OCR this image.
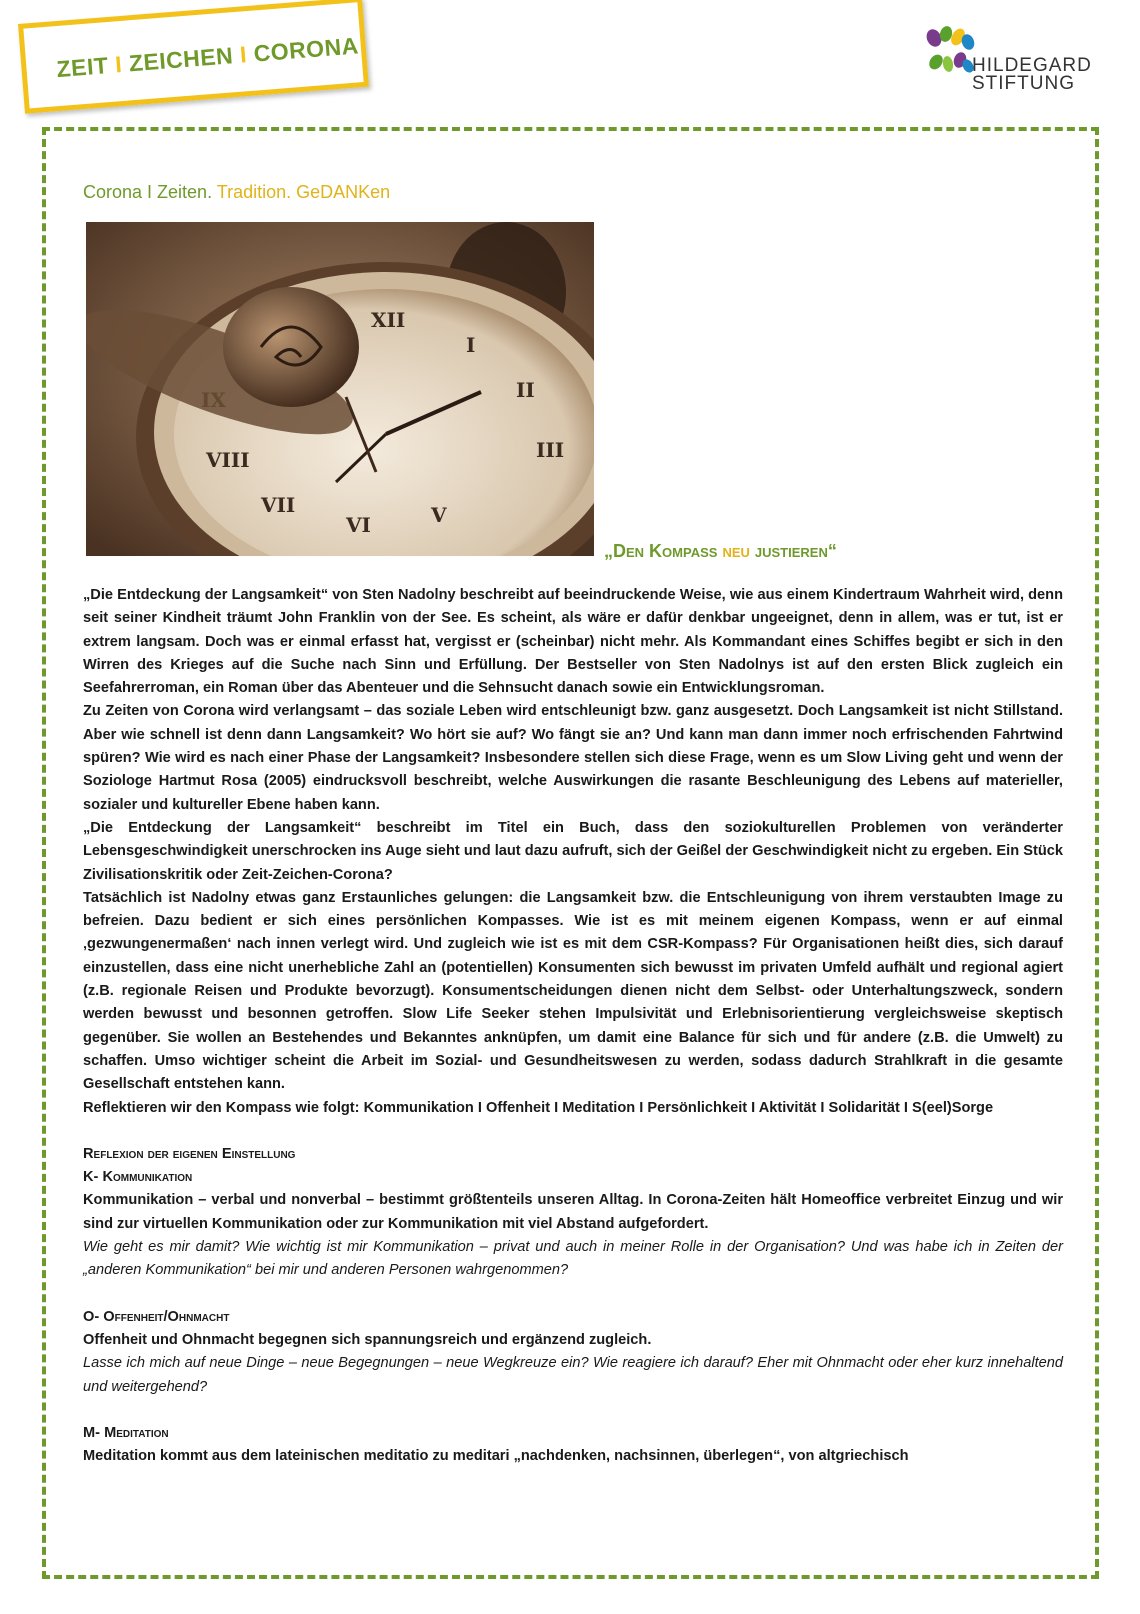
ZEIT I ZEICHEN I CORONA	HILDEGARD
STIFTUNG
Corona I Zeiten. Tradition. GeDANKen
XII
I
II
III
V
VI
VII
VIII
„Den Kompass neu justieren“

„Die Entdeckung der Langsamkeit“ von Sten Nadolny beschreibt auf beeindruckende Weise, wie aus einem Kindertraum Wahrheit wird, denn seit seiner Kindheit träumt John Franklin von der See. Es scheint, als wäre er dafür denkbar ungeeignet, denn in allem, was er tut, ist er extrem langsam. Doch was er einmal erfasst hat, vergisst er (scheinbar) nicht mehr. Als Kommandant eines Schiffes begibt er sich in den Wirren des Krieges auf die Suche nach Sinn und Erfüllung. Der Bestseller von Sten Nadolnys ist auf den ersten Blick zugleich ein Seefahrerroman, ein Roman über das Abenteuer und die Sehnsucht danach sowie ein Entwicklungsroman.

Zu Zeiten von Corona wird verlangsamt – das soziale Leben wird entschleunigt bzw. ganz ausgesetzt. Doch Langsamkeit ist nicht Stillstand. Aber wie schnell ist denn dann Langsamkeit? Wo hört sie auf? Wo fängt sie an? Und kann man dann immer noch erfrischenden Fahrtwind spüren? Wie wird es nach einer Phase der Langsamkeit? Insbesondere stellen sich diese Frage, wenn es um Slow Living geht und wenn der Soziologe Hartmut Rosa (2005) eindrucksvoll beschreibt, welche Auswirkungen die rasante Beschleunigung des Lebens auf materieller, sozialer und kultureller Ebene haben kann.

„Die Entdeckung der Langsamkeit“ beschreibt im Titel ein Buch, dass den soziokulturellen Problemen von veränderter Lebensgeschwindigkeit unerschrocken ins Auge sieht und laut dazu aufruft, sich der Geißel der Geschwindigkeit nicht zu ergeben. Ein Stück Zivilisationskritik oder Zeit-Zeichen-Corona?

Tatsächlich ist Nadolny etwas ganz Erstaunliches gelungen: die Langsamkeit bzw. die Entschleunigung von ihrem verstaubten Image zu befreien. Dazu bedient er sich eines persönlichen Kompasses. Wie ist es mit meinem eigenen Kompass, wenn er auf einmal ‚gezwungenermaßen‘ nach innen verlegt wird. Und zugleich wie ist es mit dem CSR-Kompass? Für Organisationen heißt dies, sich darauf einzustellen, dass eine nicht unerhebliche Zahl an (potentiellen) Konsumenten sich bewusst im privaten Umfeld aufhält und regional agiert (z.B. regionale Reisen und Produkte bevorzugt). Konsumentscheidungen dienen nicht dem Selbst- oder Unterhaltungszweck, sondern werden bewusst und besonnen getroffen. Slow Life Seeker stehen Impulsivität und Erlebnisorientierung vergleichsweise skeptisch gegenüber. Sie wollen an Bestehendes und Bekanntes anknüpfen, um damit eine Balance für sich und für andere (z.B. die Umwelt) zu schaffen. Umso wichtiger scheint die Arbeit im Sozial- und Gesundheitswesen zu werden, sodass dadurch Strahlkraft in die gesamte Gesellschaft entstehen kann.

Reflektieren wir den Kompass wie folgt: Kommunikation I Offenheit I Meditation I Persönlichkeit I Aktivität I Solidarität I S(eel)Sorge

Reflexion der eigenen Einstellung

K- Kommunikation

Kommunikation – verbal und nonverbal – bestimmt größtenteils unseren Alltag. In Corona-Zeiten hält Homeoffice verbreitet Einzug und wir sind zur virtuellen Kommunikation oder zur Kommunikation mit viel Abstand aufgefordert.

Wie geht es mir damit? Wie wichtig ist mir Kommunikation – privat und auch in meiner Rolle in der Organisation? Und was habe ich in Zeiten der „anderen Kommunikation“ bei mir und anderen Personen wahrgenommen?

O- Offenheit/Ohnmacht

Offenheit und Ohnmacht begegnen sich spannungsreich und ergänzend zugleich.

Lasse ich mich auf neue Dinge – neue Begegnungen – neue Wegkreuze ein? Wie reagiere ich darauf? Eher mit Ohnmacht oder eher kurz innehaltend und weitergehend?

M- Meditation

Meditation kommt aus dem lateinischen meditatio zu meditari „nachdenken, nachsinnen, überlegen“, von altgriechisch
